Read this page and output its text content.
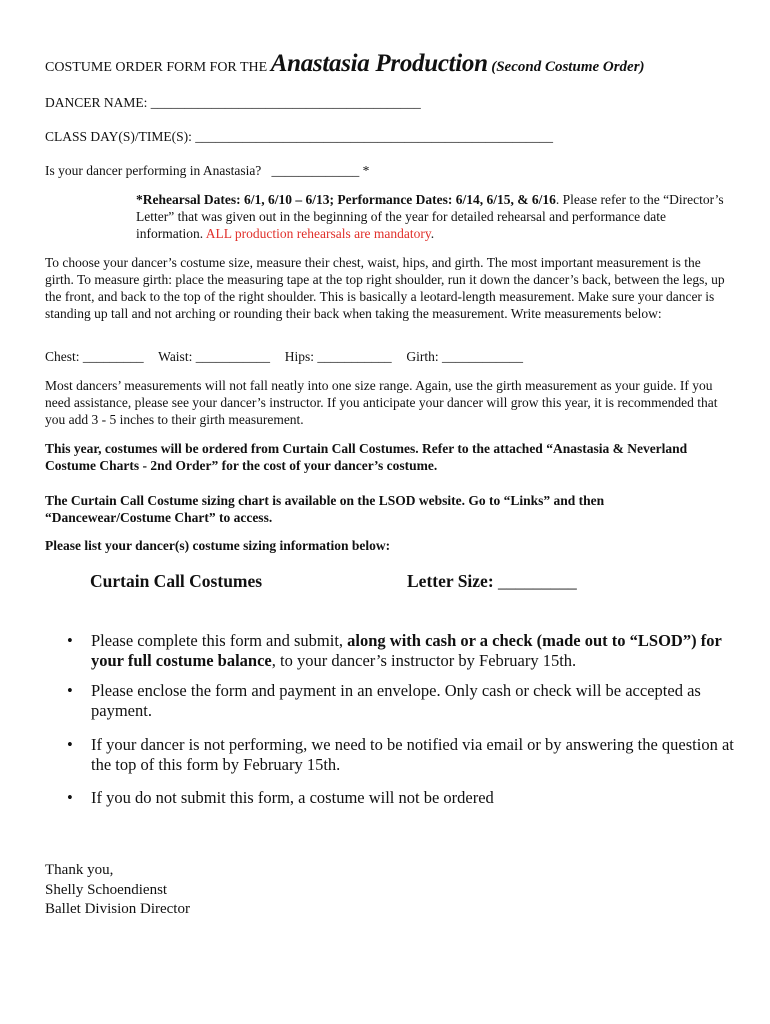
COSTUME ORDER FORM FOR THE Anastasia Production (Second Costume Order)
DANCER NAME: ________________________________________
CLASS DAY(S)/TIME(S): _____________________________________________________
Is your dancer performing in Anastasia? _____________ *
*Rehearsal Dates: 6/1, 6/10 – 6/13; Performance Dates: 6/14, 6/15, & 6/16. Please refer to the “Director’s Letter” that was given out in the beginning of the year for detailed rehearsal and performance date information. ALL production rehearsals are mandatory.
To choose your dancer’s costume size, measure their chest, waist, hips, and girth. The most important measurement is the girth. To measure girth: place the measuring tape at the top right shoulder, run it down the dancer’s back, between the legs, up the front, and back to the top of the right shoulder. This is basically a leotard-length measurement. Make sure your dancer is standing up tall and not arching or rounding their back when taking the measurement. Write measurements below:
Chest: _________ Waist: ___________ Hips: ___________ Girth: ____________
Most dancers’ measurements will not fall neatly into one size range. Again, use the girth measurement as your guide. If you need assistance, please see your dancer’s instructor. If you anticipate your dancer will grow this year, it is recommended that you add 3 - 5 inches to their girth measurement.
This year, costumes will be ordered from Curtain Call Costumes. Refer to the attached “Anastasia & Neverland Costume Charts - 2nd Order” for the cost of your dancer’s costume.
The Curtain Call Costume sizing chart is available on the LSOD website. Go to “Links” and then “Dancewear/Costume Chart” to access.
Please list your dancer(s) costume sizing information below:
Curtain Call Costumes	Letter Size: _________
• Please complete this form and submit, along with cash or a check (made out to “LSOD”) for your full costume balance, to your dancer’s instructor by February 15th.
• Please enclose the form and payment in an envelope. Only cash or check will be accepted as payment.
• If your dancer is not performing, we need to be notified via email or by answering the question at the top of this form by February 15th.
• If you do not submit this form, a costume will not be ordered
Thank you,
Shelly Schoendienst
Ballet Division Director
